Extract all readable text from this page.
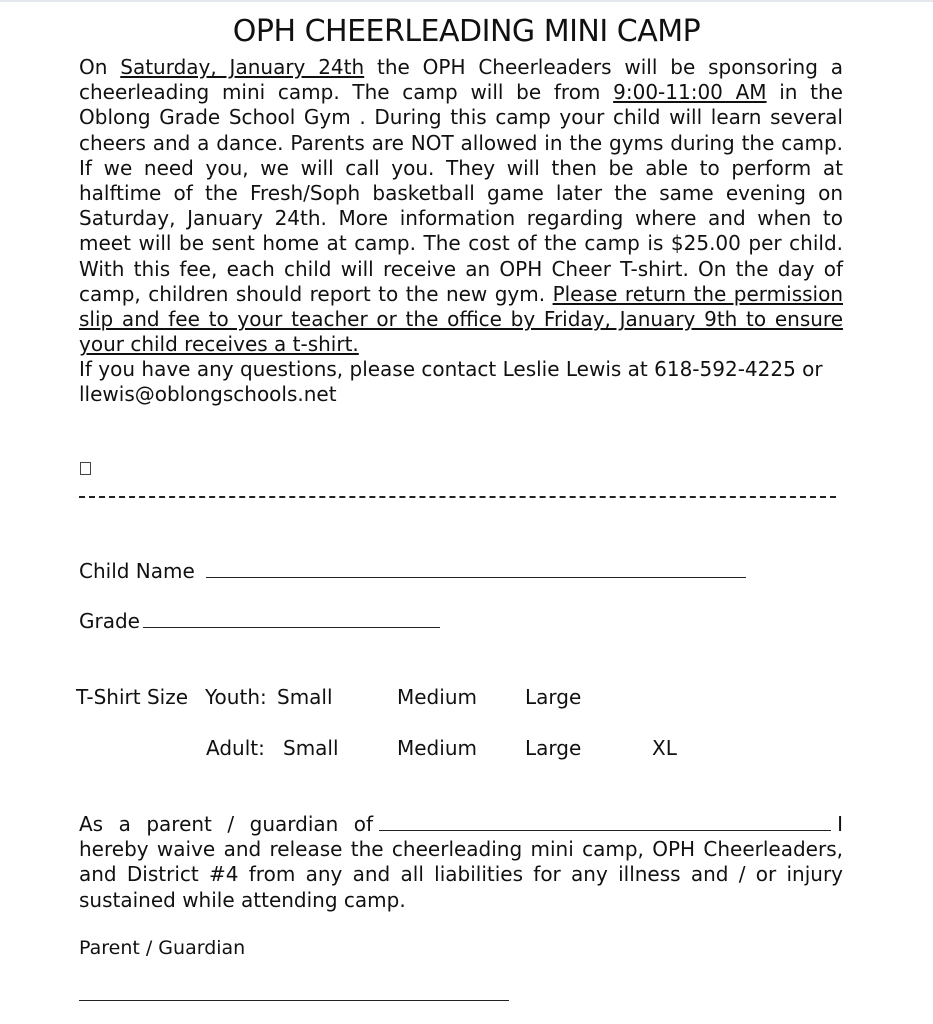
OPH CHEERLEADING MINI CAMP

On Saturday, January 24th the OPH Cheerleaders will be sponsoring a cheerleading mini camp. The camp will be from 9:00-11:00 AM in the Oblong Grade School Gym . During this camp your child will learn several cheers and a dance. Parents are NOT allowed in the gyms during the camp. If we need you, we will call you. They will then be able to perform at halftime of the Fresh/Soph basketball game later the same evening on Saturday, January 24th. More information regarding where and when to meet will be sent home at camp. The cost of the camp is $25.00 per child. With this fee, each child will receive an OPH Cheer T-shirt. On the day of camp, children should report to the new gym. Please return the permission slip and fee to your teacher or the office by Friday, January 9th to ensure your child receives a t-shirt.

If you have any questions, please contact Leslie Lewis at 618-592-4225 or llewis@oblongschools.net

Child Name
Grade
T-Shirt Size Youth: Small	Medium Large
Adult: Small	Medium Large	XL

As a parent / guardian of	I hereby waive and release the cheerleading mini camp, OPH Cheerleaders, and District #4 from any and all liabilities for any illness and / or injury sustained while attending camp.

Parent / Guardian
